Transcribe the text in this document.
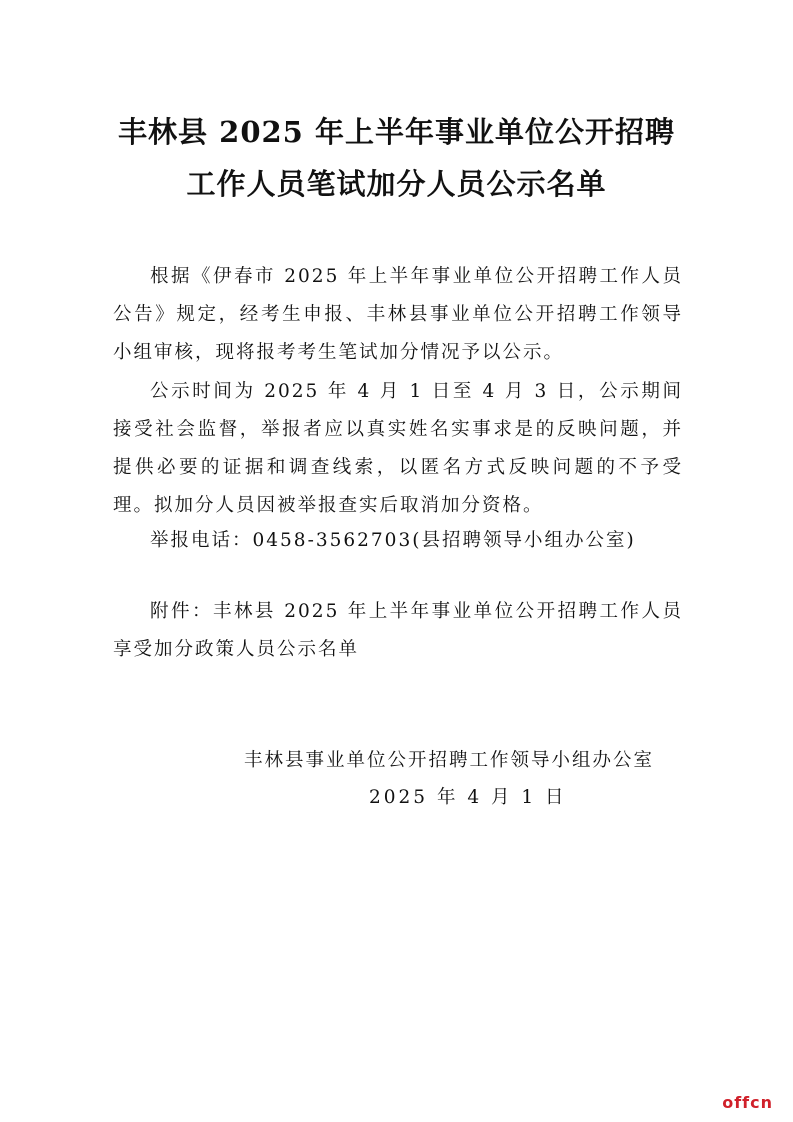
丰林县 2025 年上半年事业单位公开招聘
工作人员笔试加分人员公示名单

根据《伊春市 2025 年上半年事业单位公开招聘工作人员公告》规定，经考生申报、丰林县事业单位公开招聘工作领导小组审核，现将报考考生笔试加分情况予以公示。

公示时间为 2025 年 4 月 1 日至 4 月 3 日，公示期间接受社会监督，举报者应以真实姓名实事求是的反映问题，并提供必要的证据和调查线索，以匿名方式反映问题的不予受理。拟加分人员因被举报查实后取消加分资格。

举报电话：0458-3562703(县招聘领导小组办公室)

附件：丰林县 2025 年上半年事业单位公开招聘工作人员享受加分政策人员公示名单

丰林县事业单位公开招聘工作领导小组办公室

2025 年 4 月 1 日

offcn
